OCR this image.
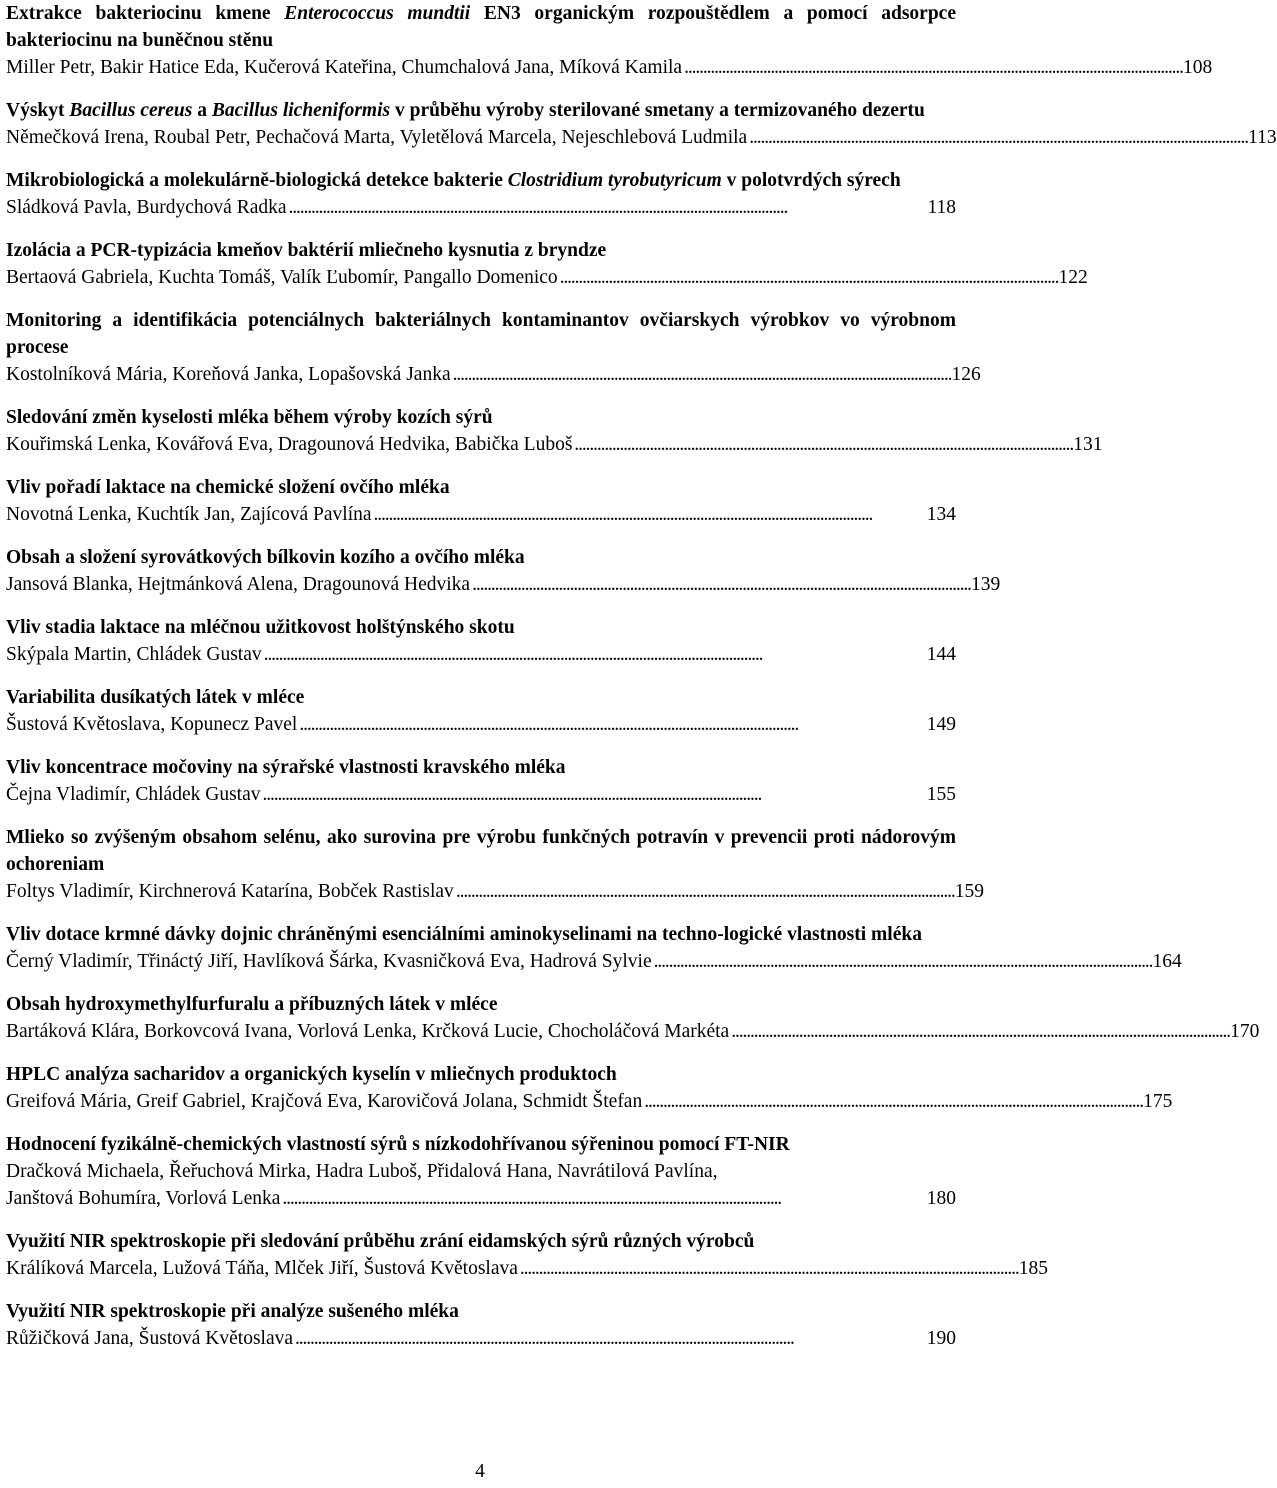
Extrakce bakteriocinu kmene Enterococcus mundtii EN3 organickým rozpouštědlem a pomocí adsorpce bakteriocinu na buněčnou stěnu
Miller Petr, Bakir Hatice Eda, Kučerová Kateřina, Chumchalová Jana, Míková Kamila . . .	108
Výskyt Bacillus cereus a Bacillus licheniformis v průběhu výroby sterilované smetany a termizovaného dezertu
Němečková Irena, Roubal Petr, Pechačová Marta, Vyletělová Marcela, Nejeschlebová Ludmila . . .	113
Mikrobiologická a molekulárně-biologická detekce bakterie Clostridium tyrobutyricum v polotvrdých sýrech
Sládková Pavla, Burdychová Radka . . .	118
Izolácia a PCR-typizácia kmeňov baktérií mliečneho kysnutia z bryndze
Bertaová Gabriela, Kuchta Tomáš, Valík Ľubomír, Pangallo Domenico . . .	122
Monitoring a identifikácia potenciálnych bakteriálnych kontaminantov ovčiarskych výrobkov vo výrobnom procese
Kostolníková Mária, Koreňová Janka, Lopašovská Janka . . .	126
Sledování změn kyselosti mléka během výroby kozích sýrů
Kouřimská Lenka, Kovářová Eva, Dragounová Hedvika, Babička Luboš . . .	131
Vliv pořadí laktace na chemické složení ovčího mléka
Novotná Lenka, Kuchtík Jan, Zajícová Pavlína . . .	134
Obsah a složení syrovátkových bílkovin kozího a ovčího mléka
Jansová Blanka, Hejtmánková Alena, Dragounová Hedvika . . .	139
Vliv stadia laktace na mléčnou užitkovost holštýnského skotu
Skýpala Martin, Chládek Gustav . . .	144
Variabilita dusíkatých látek v mléce
Šustová Květoslava, Kopunecz Pavel . . .	149
Vliv koncentrace močoviny na sýrařské vlastnosti kravského mléka
Čejna Vladimír, Chládek Gustav . . .	155
Mlieko so zvýšeným obsahom selénu, ako surovina pre výrobu funkčných potravín v prevencii proti nádorovým ochoreniam
Foltys Vladimír, Kirchnerová Katarína, Bobček Rastislav . . .	159
Vliv dotace krmné dávky dojnic chráněnými esenciálními aminokyselinami na techno-logické vlastnosti mléka
Černý Vladimír, Třináctý Jiří, Havlíková Šárka, Kvasničková Eva, Hadrová Sylvie . . .	164
Obsah hydroxymethylfurfuralu a příbuzných látek v mléce
Bartáková Klára, Borkovcová Ivana, Vorlová Lenka, Krčková Lucie, Chocholáčová Markéta . . .	170
HPLC analýza sacharidov a organických kyselín v mliečnych produktoch
Greifová Mária, Greif Gabriel, Krajčová Eva, Karovičová Jolana, Schmidt Štefan . . .	175
Hodnocení fyzikálně-chemických vlastností sýrů s nízkodohřívanou sýřeninou pomocí FT-NIR
Dračková Michaela, Řeřuchová Mirka, Hadra Luboš, Přidalová Hana, Navrátilová Pavlína,
Janštová Bohumíra, Vorlová Lenka . . .	180
Využití NIR spektroskopie při sledování průběhu zrání eidamských sýrů různých výrobců
Králíková Marcela, Lužová Táňa, Mlček Jiří, Šustová Květoslava . . .	185
Využití NIR spektroskopie při analýze sušeného mléka
Růžičková Jana, Šustová Květoslava . . .	190
4
